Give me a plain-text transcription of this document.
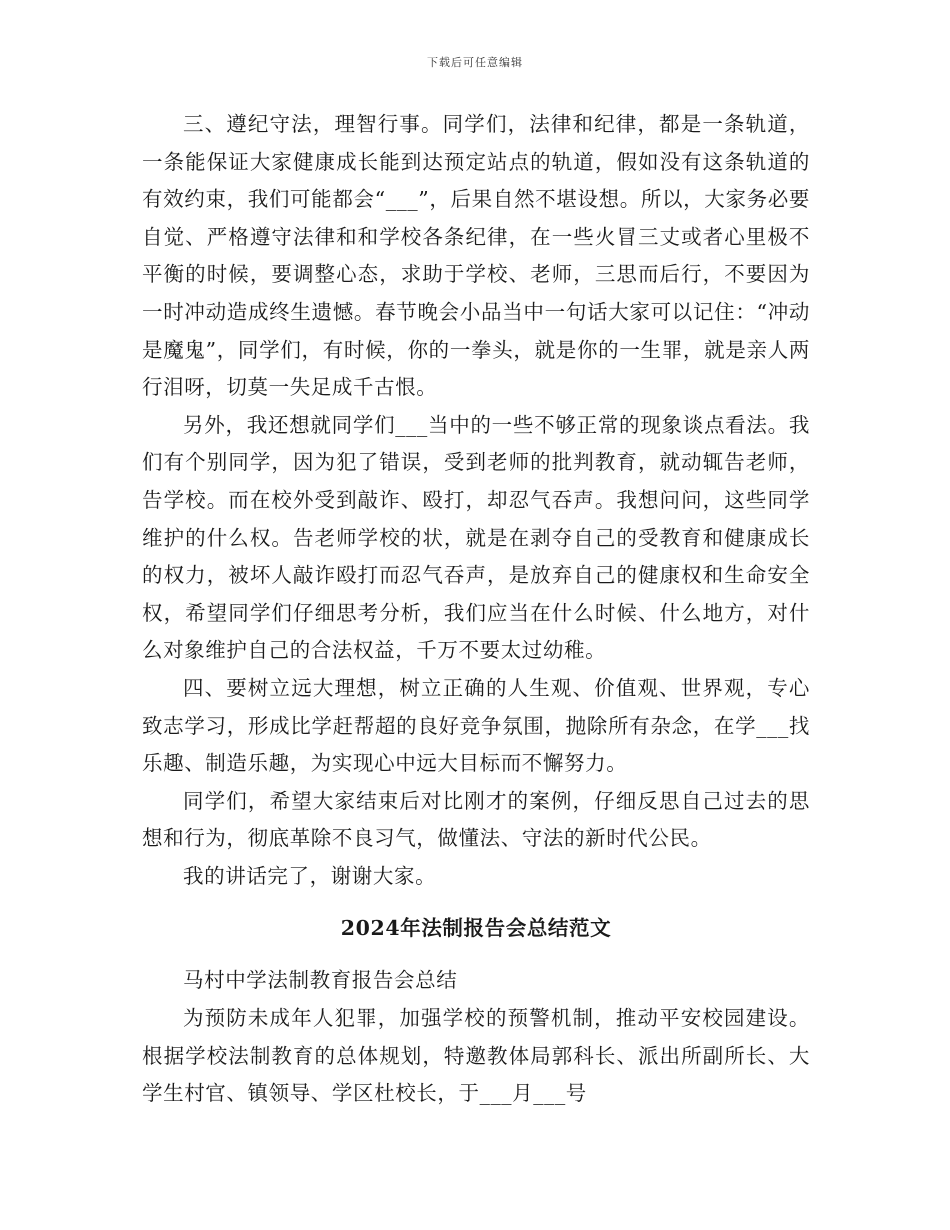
下载后可任意编辑

三、遵纪守法，理智行事。同学们，法律和纪律，都是一条轨道，一条能保证大家健康成长能到达预定站点的轨道，假如没有这条轨道的有效约束，我们可能都会“___”，后果自然不堪设想。所以，大家务必要自觉、严格遵守法律和和学校各条纪律，在一些火冒三丈或者心里极不平衡的时候，要调整心态，求助于学校、老师，三思而后行，不要因为一时冲动造成终生遗憾。春节晚会小品当中一句话大家可以记住：“冲动是魔鬼”，同学们，有时候，你的一拳头，就是你的一生罪，就是亲人两行泪呀，切莫一失足成千古恨。

另外，我还想就同学们___当中的一些不够正常的现象谈点看法。我们有个别同学，因为犯了错误，受到老师的批判教育，就动辄告老师，告学校。而在校外受到敲诈、殴打，却忍气吞声。我想问问，这些同学维护的什么权。告老师学校的状，就是在剥夺自己的受教育和健康成长的权力，被坏人敲诈殴打而忍气吞声，是放弃自己的健康权和生命安全权，希望同学们仔细思考分析，我们应当在什么时候、什么地方，对什么对象维护自己的合法权益，千万不要太过幼稚。

四、要树立远大理想，树立正确的人生观、价值观、世界观，专心致志学习，形成比学赶帮超的良好竞争氛围，抛除所有杂念，在学___找乐趣、制造乐趣，为实现心中远大目标而不懈努力。

同学们，希望大家结束后对比刚才的案例，仔细反思自己过去的思想和行为，彻底革除不良习气，做懂法、守法的新时代公民。

我的讲话完了，谢谢大家。

2024年法制报告会总结范文

马村中学法制教育报告会总结

为预防未成年人犯罪，加强学校的预警机制，推动平安校园建设。根据学校法制教育的总体规划，特邀教体局郭科长、派出所副所长、大学生村官、镇领导、学区杜校长，于___月___号
